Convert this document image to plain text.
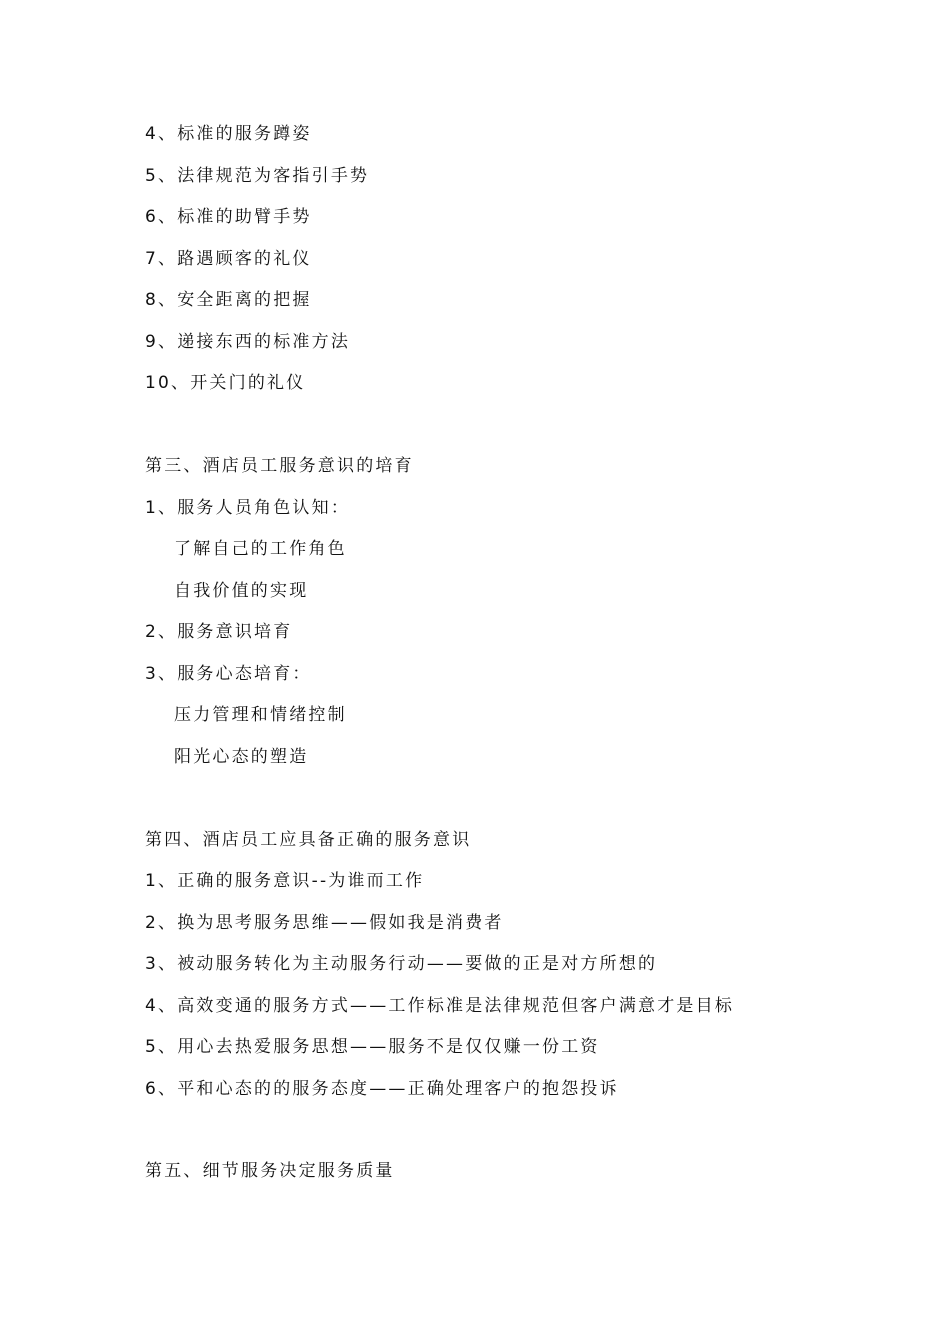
4、标准的服务蹲姿
5、法律规范为客指引手势
6、标准的助臂手势
7、路遇顾客的礼仪
8、安全距离的把握
9、递接东西的标准方法
10、开关门的礼仪
第三、酒店员工服务意识的培育
1、服务人员角色认知：
了解自己的工作角色
自我价值的实现
2、服务意识培育
3、服务心态培育：
压力管理和情绪控制
阳光心态的塑造
第四、酒店员工应具备正确的服务意识
1、正确的服务意识--为谁而工作
2、换为思考服务思维——假如我是消费者
3、被动服务转化为主动服务行动——要做的正是对方所想的
4、高效变通的服务方式——工作标准是法律规范但客户满意才是目标
5、用心去热爱服务思想——服务不是仅仅赚一份工资
6、平和心态的的服务态度——正确处理客户的抱怨投诉
第五、细节服务决定服务质量
